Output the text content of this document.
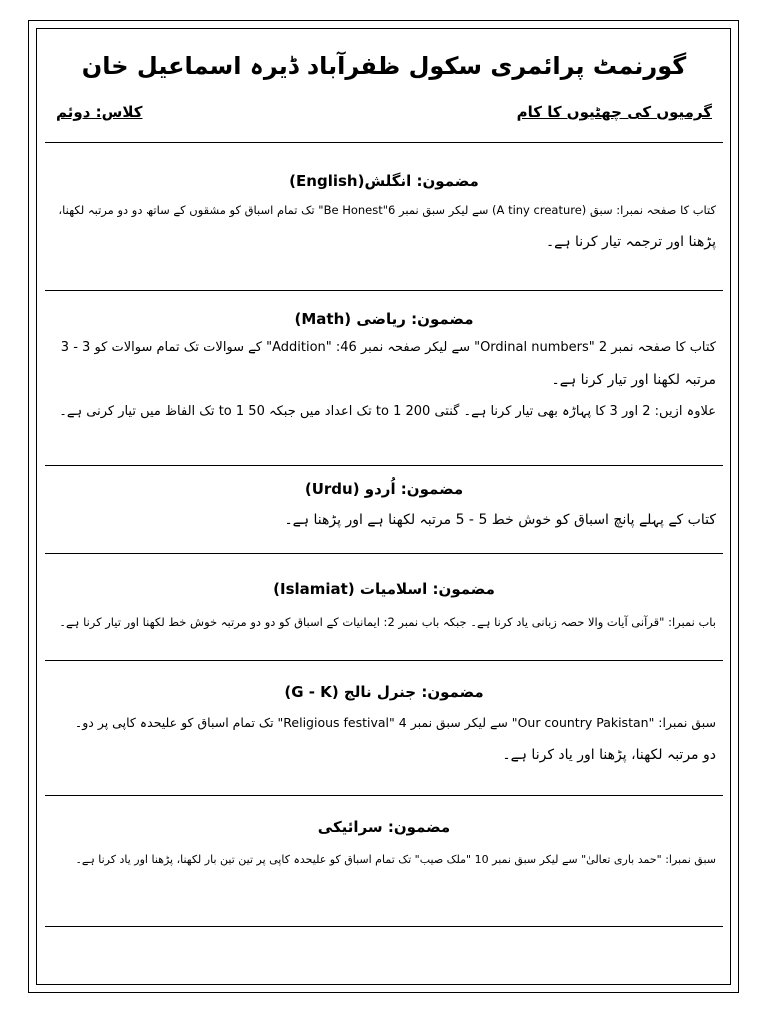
گورنمٹ پرائمری سکول ظفرآباد ڈیرہ اسماعیل خان
گرمیوں کی چھٹیوں کا کام
کلاس: دوئم
مضمون: انگلش(English)
کتاب کا صفحہ نمبرا: سبق (A tiny creature) سے لیکر سبق نمبر 6"Be Honest" تک تمام اسباق کو مشقوں کے ساتھ دو دو مرتبہ لکھنا،
پڑھنا اور ترجمہ تیار کرنا ہے۔
مضمون: ریاضی (Math)
کتاب کا صفحہ نمبر 2 "Ordinal numbers" سے لیکر صفحہ نمبر 46: "Addition" کے سوالات تک تمام سوالات کو 3 - 3
مرتبہ لکھنا اور تیار کرنا ہے۔
علاوہ ازیں: 2 اور 3 کا پہاڑہ بھی تیار کرنا ہے۔ گنتی 200 to 1 تک اعداد میں جبکہ 50 to 1 تک الفاظ میں تیار کرنی ہے۔
مضمون: اُردو (Urdu)
کتاب کے پہلے پانچ اسباق کو خوش خط 5 - 5 مرتبہ لکھنا ہے اور پڑھنا ہے۔
مضمون: اسلامیات (Islamiat)
باب نمبرا: "قرآنی آیات والا حصہ زبانی یاد کرنا ہے۔ جبکہ باب نمبر 2: ایمانیات کے اسباق کو دو دو مرتبہ خوش خط لکھنا اور تیار کرنا ہے۔
مضمون: جنرل نالج (G - K)
سبق نمبرا: "Our country Pakistan" سے لیکر سبق نمبر 4 "Religious festival" تک تمام اسباق کو علیحدہ کاپی پر دو۔
دو مرتبہ لکھنا، پڑھنا اور یاد کرنا ہے۔
مضمون: سرائیکی
سبق نمبرا: "حمد باری تعالیٰ" سے لیکر سبق نمبر 10 "ملک صیب" تک تمام اسباق کو علیحدہ کاپی پر تین تین بار لکھنا، پڑھنا اور یاد کرنا ہے۔
